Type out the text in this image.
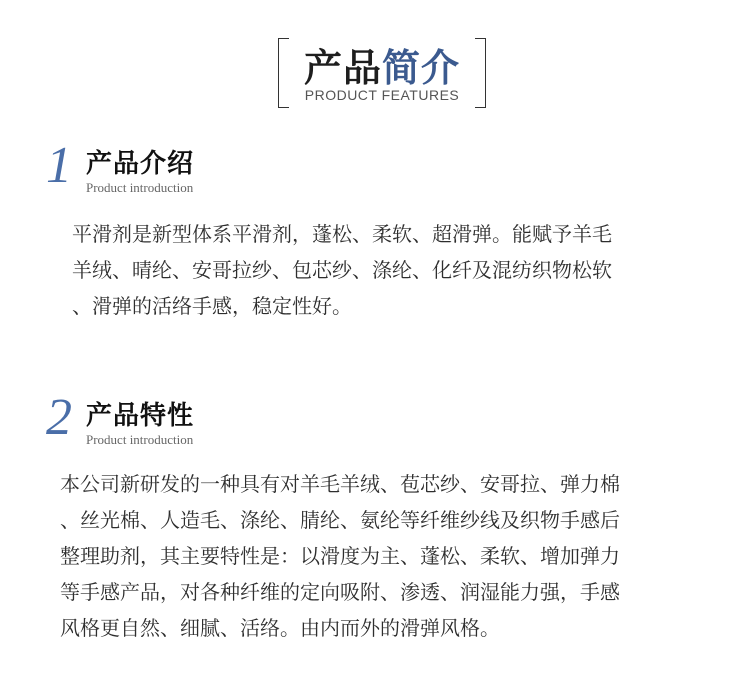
产品简介
PRODUCT FEATURES
1 产品介绍
Product introduction
平滑剂是新型体系平滑剂，蓬松、柔软、超滑弹。能赋予羊毛
羊绒、晴纶、安哥拉纱、包芯纱、涤纶、化纤及混纺织物松软
、滑弹的活络手感，稳定性好。
2 产品特性
Product introduction
本公司新研发的一种具有对羊毛羊绒、苞芯纱、安哥拉、弹力棉
、丝光棉、人造毛、涤纶、腈纶、氨纶等纤维纱线及织物手感后
整理助剂，其主要特性是：以滑度为主、蓬松、柔软、增加弹力
等手感产品，对各种纤维的定向吸附、渗透、润湿能力强，手感
风格更自然、细腻、活络。由内而外的滑弹风格。
